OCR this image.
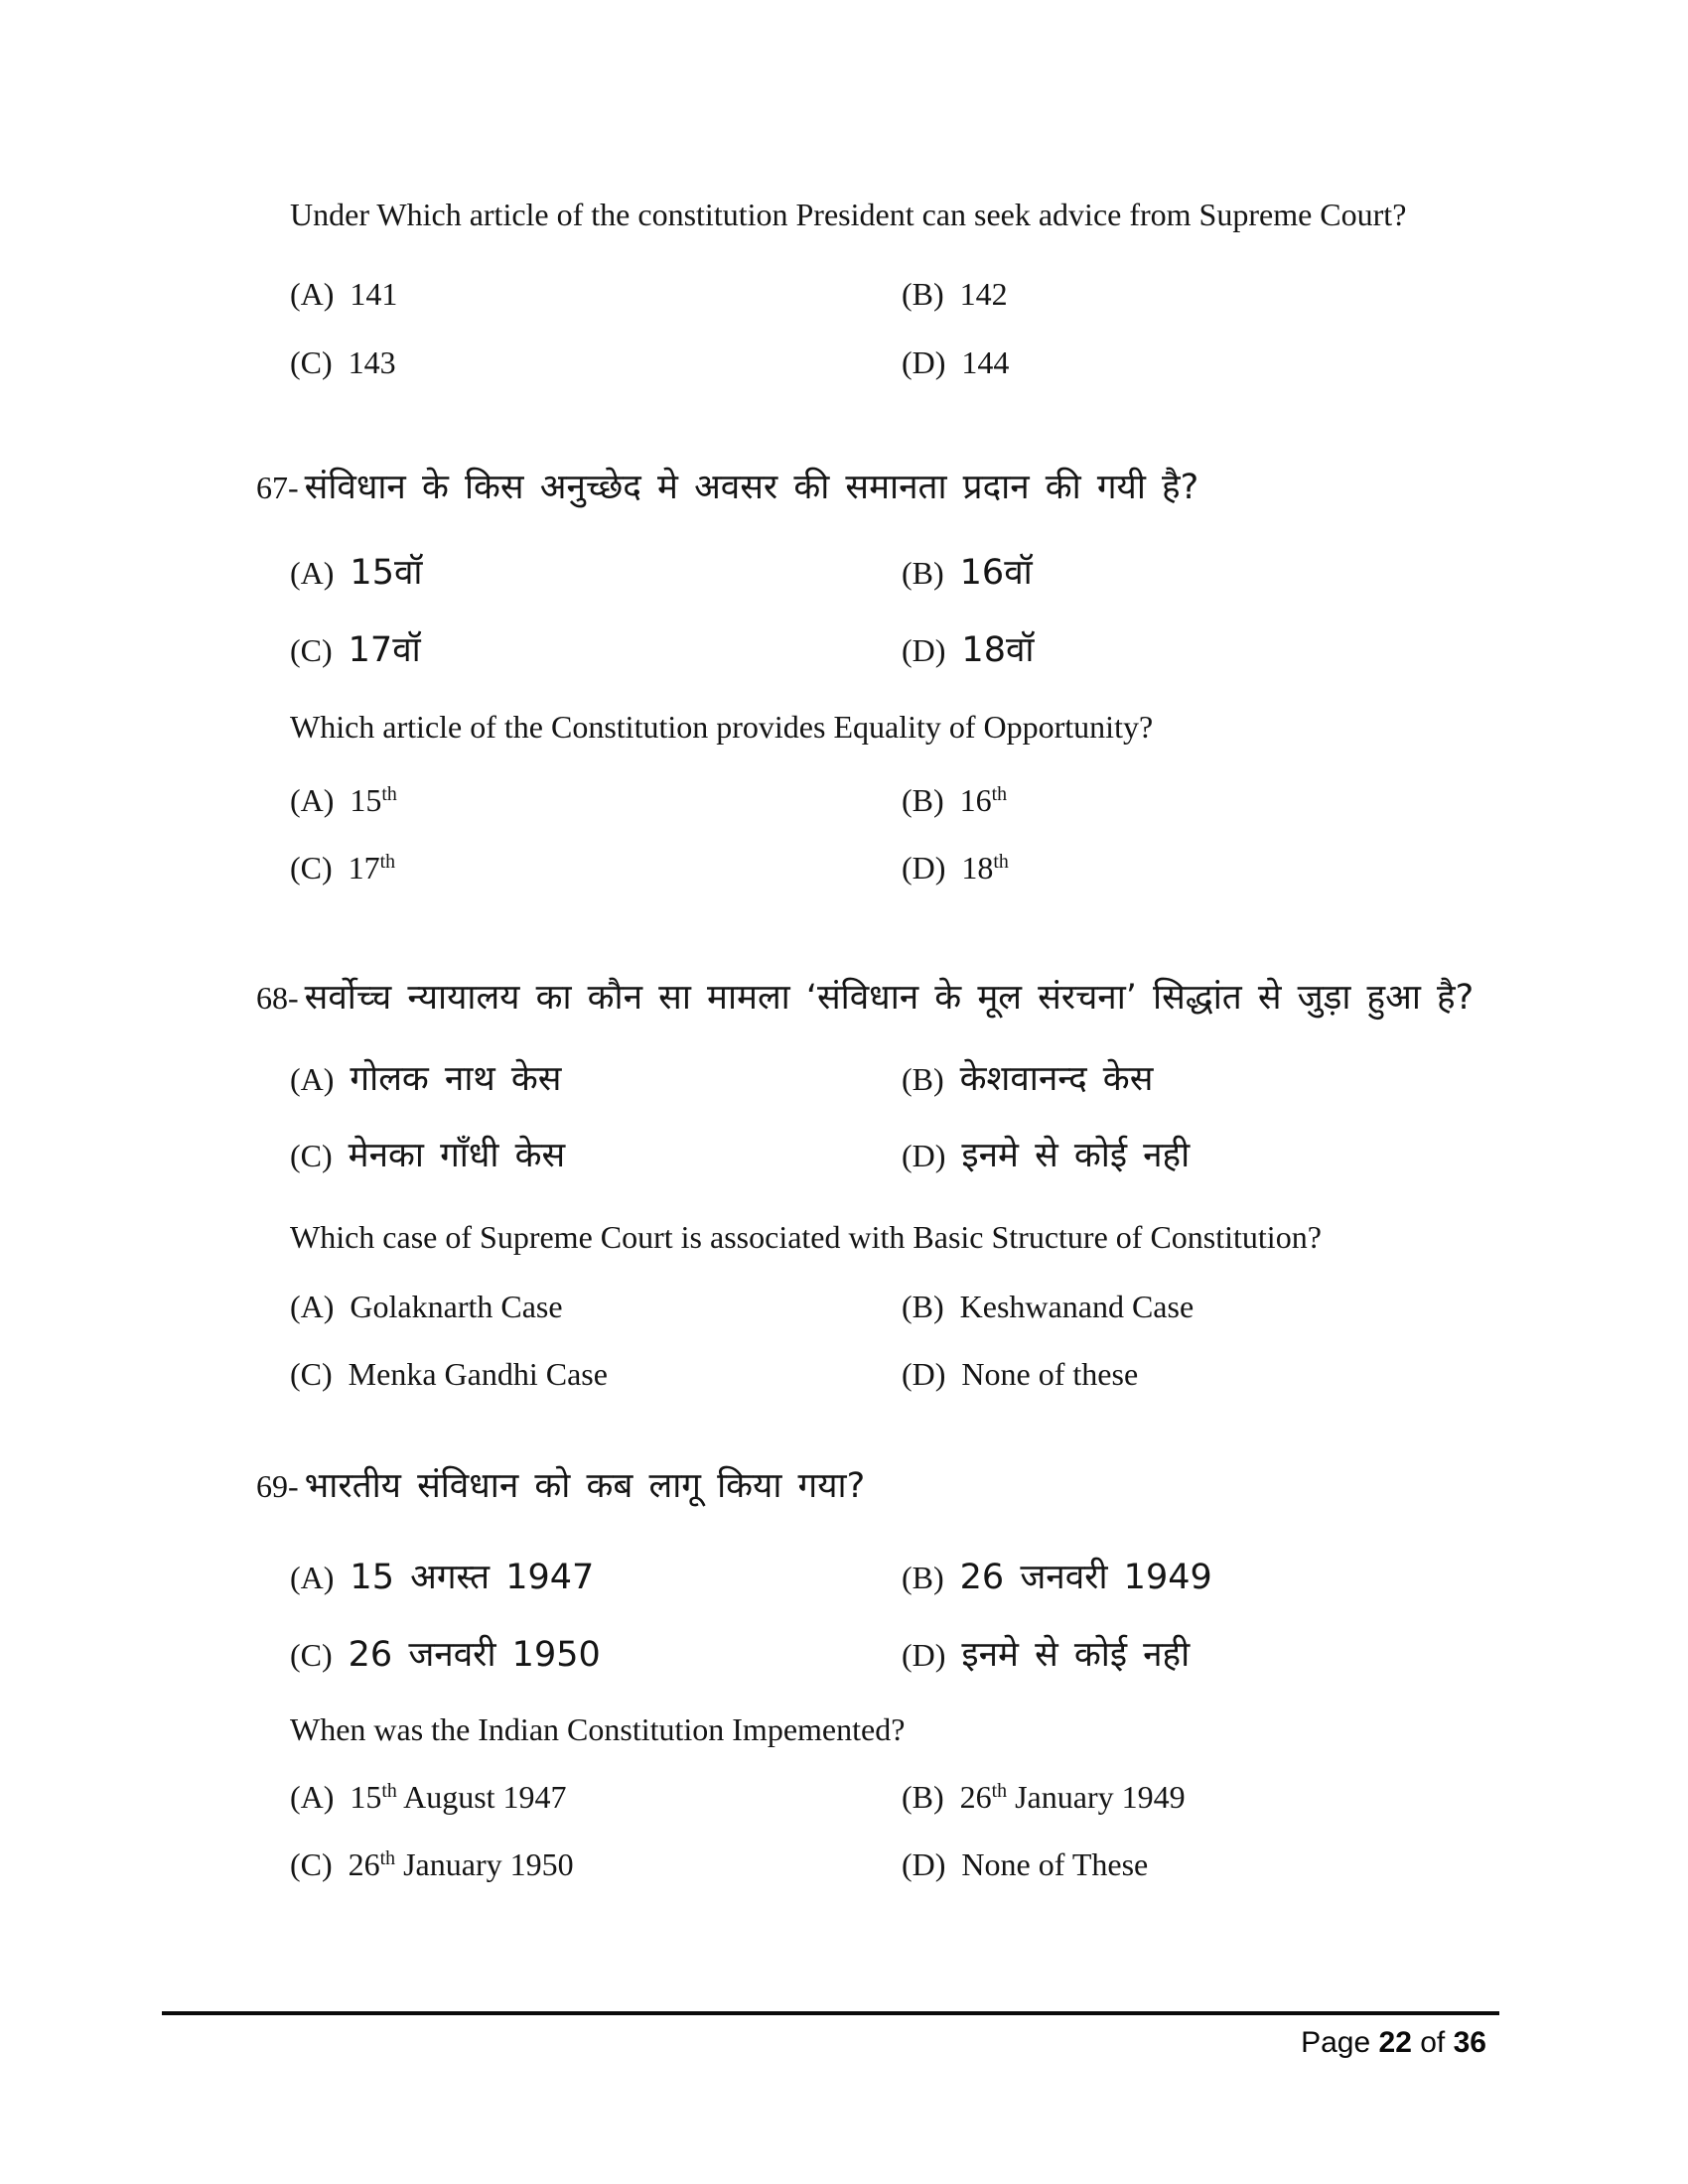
Under Which article of the constitution President can seek advice from Supreme Court?
(A) 141	(B) 142
(C) 143	(D) 144
67- संविधान के किस अनुच्छेद मे अवसर की समानता प्रदान की गयी है?
(A) 15वॉ	(B) 16वॉ
(C) 17वॉ	(D) 18वॉ
Which article of the Constitution provides Equality of Opportunity?
(A) 15th	(B) 16th
(C) 17th	(D) 18th
68- सर्वोच्च न्यायालय का कौन सा मामला ‘संविधान के मूल संरचना’ सिद्धांत से जुड़ा हुआ है?
(A) गोलक नाथ केस	(B) केशवानन्द केस
(C) मेनका गाँधी केस	(D) इनमे से कोई नही
Which case of Supreme Court is associated with Basic Structure of Constitution?
(A) Golaknarth Case	(B) Keshwanand Case
(C) Menka Gandhi Case	(D) None of these
69- भारतीय संविधान को कब लागू किया गया?
(A) 15 अगस्त 1947	(B) 26 जनवरी 1949
(C) 26 जनवरी 1950	(D) इनमे से कोई नही
When was the Indian Constitution Impemented?
(A) 15th August 1947	(B) 26th January 1949
(C) 26th January 1950	(D) None of These
Page 22 of 36
